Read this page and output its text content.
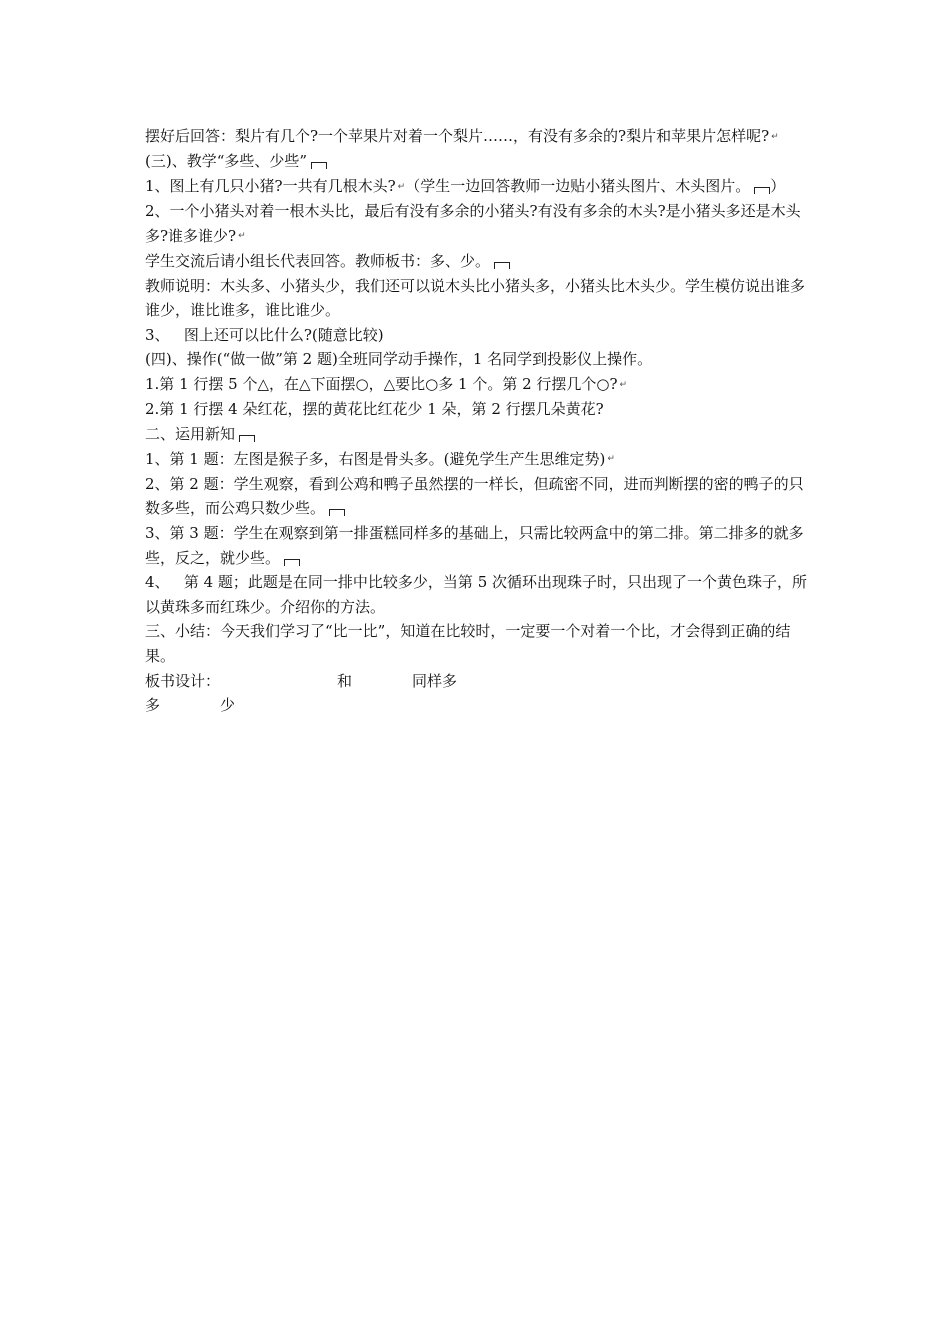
摆好后回答：梨片有几个?一个苹果片对着一个梨片……，有没有多余的?梨片和苹果片怎样呢? ↵

(三)、教学“多些、少些”

1、图上有几只小猪?一共有几根木头? ↵（学生一边回答教师一边贴小猪头图片、木头图片。 ）

2、一个小猪头对着一根木头比，最后有没有多余的小猪头?有没有多余的木头?是小猪头多还是木头多?谁多谁少? ↵

学生交流后请小组长代表回答。教师板书：多、少。

教师说明：木头多、小猪头少，我们还可以说木头比小猪头多，小猪头比木头少。学生模仿说出谁多谁少，谁比谁多，谁比谁少。

3、   图上还可以比什么?(随意比较)

(四)、操作(“做一做”第 2 题)全班同学动手操作，1 名同学到投影仪上操作。

1.第 1 行摆 5 个△，在△下面摆○，△要比○多 1 个。第 2 行摆几个○? ↵

2.第 1 行摆 4 朵红花，摆的黄花比红花少 1 朵，第 2 行摆几朵黄花?

二、运用新知

1、第 1 题：左图是猴子多，右图是骨头多。(避免学生产生思维定势) ↵

2、第 2 题：学生观察，看到公鸡和鸭子虽然摆的一样长，但疏密不同，进而判断摆的密的鸭子的只数多些，而公鸡只数少些。

3、第 3 题：学生在观察到第一排蛋糕同样多的基础上，只需比较两盒中的第二排。第二排多的就多些，反之，就少些。

4、   第 4 题；此题是在同一排中比较多少，当第 5 次循环出现珠子时，只出现了一个黄色珠子，所以黄珠多而红珠少。介绍你的方法。

三、小结：今天我们学习了“比一比”，知道在比较时，一定要一个对着一个比，才会得到正确的结果。

板书设计：	和	同样多
多	少
